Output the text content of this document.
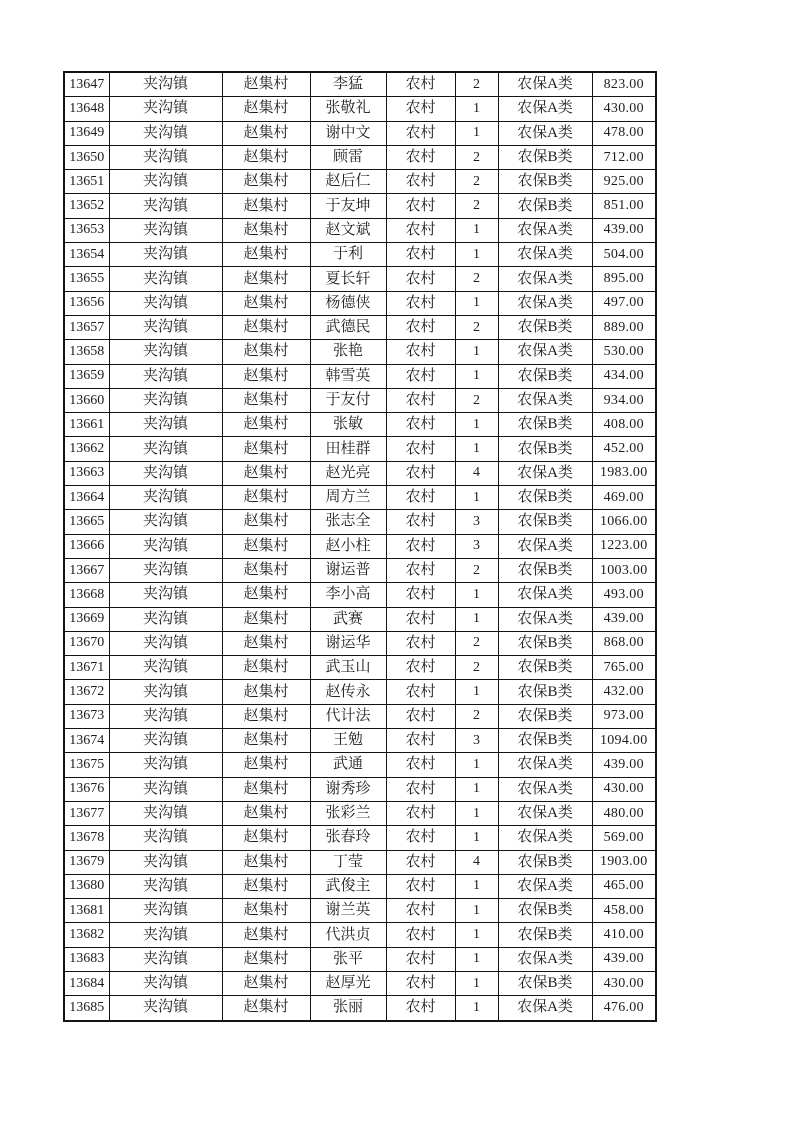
13647	夹沟镇	赵集村	李猛	农村	2	农保A类	823.00
13648	夹沟镇	赵集村	张敬礼	农村	1	农保A类	430.00
13649	夹沟镇	赵集村	谢中文	农村	1	农保A类	478.00
13650	夹沟镇	赵集村	顾雷	农村	2	农保B类	712.00
13651	夹沟镇	赵集村	赵后仁	农村	2	农保B类	925.00
13652	夹沟镇	赵集村	于友坤	农村	2	农保B类	851.00
13653	夹沟镇	赵集村	赵文斌	农村	1	农保A类	439.00
13654	夹沟镇	赵集村	于利	农村	1	农保A类	504.00
13655	夹沟镇	赵集村	夏长轩	农村	2	农保A类	895.00
13656	夹沟镇	赵集村	杨德侠	农村	1	农保A类	497.00
13657	夹沟镇	赵集村	武德民	农村	2	农保B类	889.00
13658	夹沟镇	赵集村	张艳	农村	1	农保A类	530.00
13659	夹沟镇	赵集村	韩雪英	农村	1	农保B类	434.00
13660	夹沟镇	赵集村	于友付	农村	2	农保A类	934.00
13661	夹沟镇	赵集村	张敏	农村	1	农保B类	408.00
13662	夹沟镇	赵集村	田桂群	农村	1	农保B类	452.00
13663	夹沟镇	赵集村	赵光亮	农村	4	农保A类	1983.00
13664	夹沟镇	赵集村	周方兰	农村	1	农保B类	469.00
13665	夹沟镇	赵集村	张志全	农村	3	农保B类	1066.00
13666	夹沟镇	赵集村	赵小柱	农村	3	农保A类	1223.00
13667	夹沟镇	赵集村	谢运普	农村	2	农保B类	1003.00
13668	夹沟镇	赵集村	李小高	农村	1	农保A类	493.00
13669	夹沟镇	赵集村	武赛	农村	1	农保A类	439.00
13670	夹沟镇	赵集村	谢运华	农村	2	农保B类	868.00
13671	夹沟镇	赵集村	武玉山	农村	2	农保B类	765.00
13672	夹沟镇	赵集村	赵传永	农村	1	农保B类	432.00
13673	夹沟镇	赵集村	代计法	农村	2	农保B类	973.00
13674	夹沟镇	赵集村	王勉	农村	3	农保B类	1094.00
13675	夹沟镇	赵集村	武通	农村	1	农保A类	439.00
13676	夹沟镇	赵集村	谢秀珍	农村	1	农保A类	430.00
13677	夹沟镇	赵集村	张彩兰	农村	1	农保A类	480.00
13678	夹沟镇	赵集村	张春玲	农村	1	农保A类	569.00
13679	夹沟镇	赵集村	丁莹	农村	4	农保B类	1903.00
13680	夹沟镇	赵集村	武俊主	农村	1	农保A类	465.00
13681	夹沟镇	赵集村	谢兰英	农村	1	农保B类	458.00
13682	夹沟镇	赵集村	代洪贞	农村	1	农保B类	410.00
13683	夹沟镇	赵集村	张平	农村	1	农保A类	439.00
13684	夹沟镇	赵集村	赵厚光	农村	1	农保B类	430.00
13685	夹沟镇	赵集村	张丽	农村	1	农保A类	476.00
